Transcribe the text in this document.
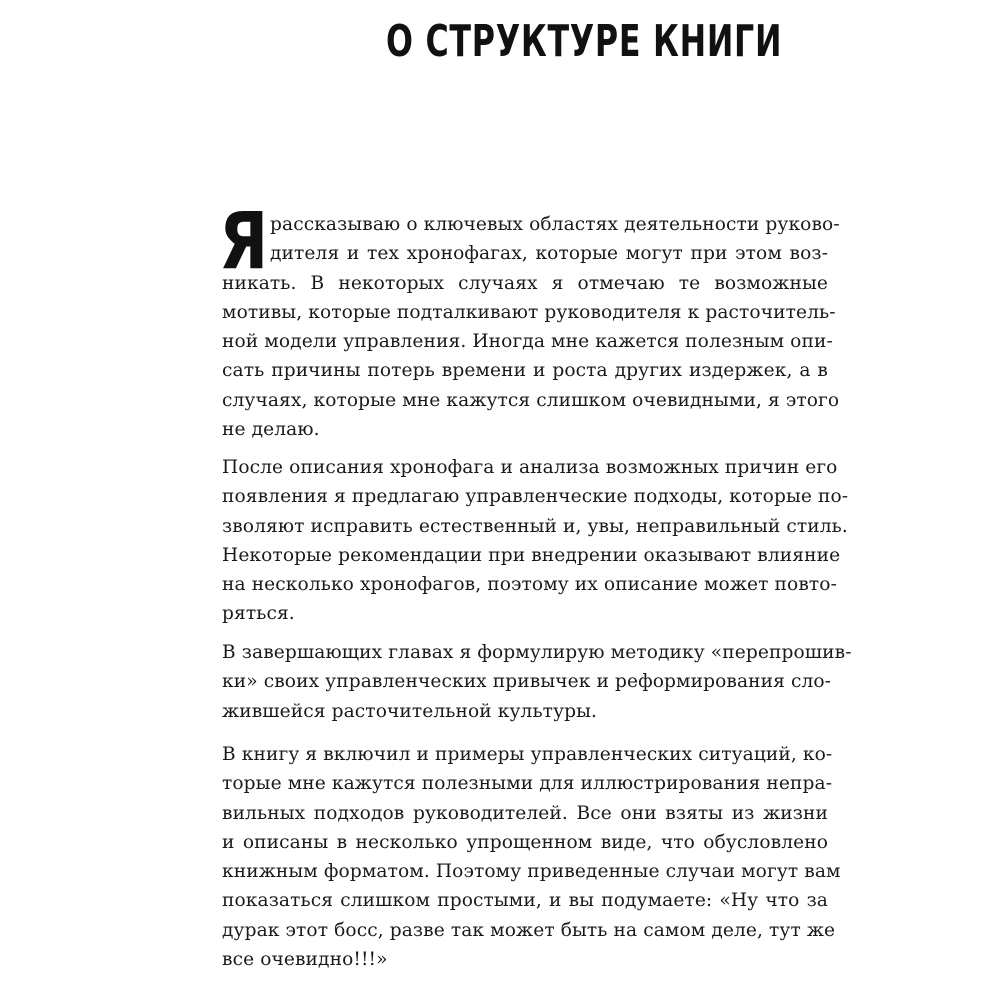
О СТРУКТУРЕ КНИГИ
Я рассказываю о ключевых областях деятельности руково-
дителя и тех хронофагах, которые могут при этом воз-
никать. В некоторых случаях я отмечаю те возможные
мотивы, которые подталкивают руководителя к расточитель-
ной модели управления. Иногда мне кажется полезным опи-
сать причины потерь времени и роста других издержек, а в
случаях, которые мне кажутся слишком очевидными, я этого
не делаю.
После описания хронофага и анализа возможных причин его
появления я предлагаю управленческие подходы, которые по-
зволяют исправить естественный и, увы, неправильный стиль.
Некоторые рекомендации при внедрении оказывают влияние
на несколько хронофагов, поэтому их описание может повто-
ряться.
В завершающих главах я формулирую методику «перепрошив-
ки» своих управленческих привычек и реформирования сло-
жившейся расточительной культуры.
В книгу я включил и примеры управленческих ситуаций, ко-
торые мне кажутся полезными для иллюстрирования непра-
вильных подходов руководителей. Все они взяты из жизни
и описаны в несколько упрощенном виде, что обусловлено
книжным форматом. Поэтому приведенные случаи могут вам
показаться слишком простыми, и вы подумаете: «Ну что за
дурак этот босс, разве так может быть на самом деле, тут же
все очевидно!!!»
